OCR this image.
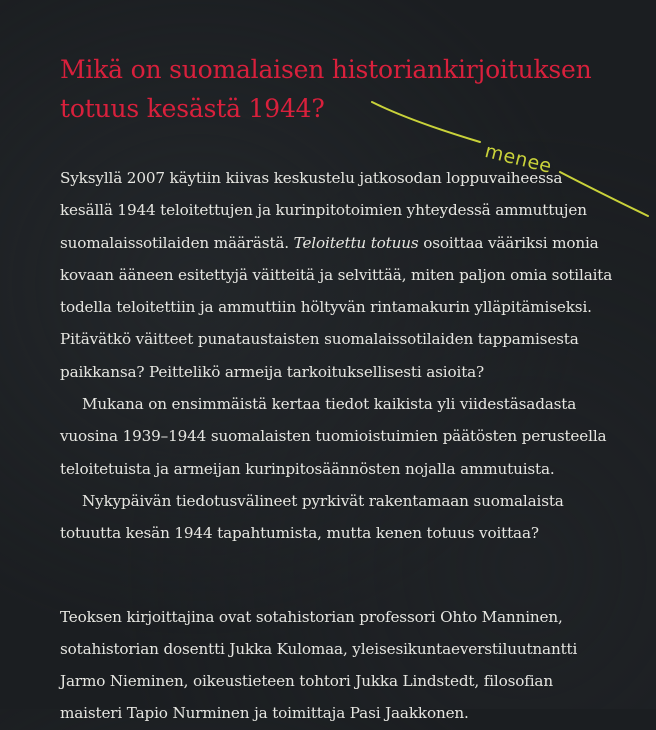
Mikä on suomalaisen historiankirjoituksen
totuus kesästä 1944?
Syksyllä 2007 käytiin kiivas keskustelu jatkosodan loppuvaiheessa
kesällä 1944 teloitettujen ja kurinpitotoimien yhteydessä ammuttujen
suomalaissotilaiden määrästä. Teloitettu totuus osoittaa vääriksi monia
kovaan ääneen esitettyjä väitteitä ja selvittää, miten paljon omia sotilaita
todella teloitettiin ja ammuttiin höltyvän rintamakurin ylläpitämiseksi.
Pitävätkö väitteet punataustaisten suomalaissotilaiden tappamisesta
paikkansa? Peittelikö armeija tarkoituksellisesti asioita?
Mukana on ensimmäistä kertaa tiedot kaikista yli viidestäsadasta
vuosina 1939–1944 suomalaisten tuomioistuimien päätösten perusteella
teloitetuista ja armeijan kurinpitosäännösten nojalla ammutuista.
Nykypäivän tiedotusvälineet pyrkivät rakentamaan suomalaista
totuutta kesän 1944 tapahtumista, mutta kenen totuus voittaa?
Teoksen kirjoittajina ovat sotahistorian professori Ohto Manninen,
sotahistorian dosentti Jukka Kulomaa, yleisesikuntaeverstiluutnantti
Jarmo Nieminen, oikeustieteen tohtori Jukka Lindstedt, filosofian
maisteri Tapio Nurminen ja toimittaja Pasi Jaakkonen.
menee
